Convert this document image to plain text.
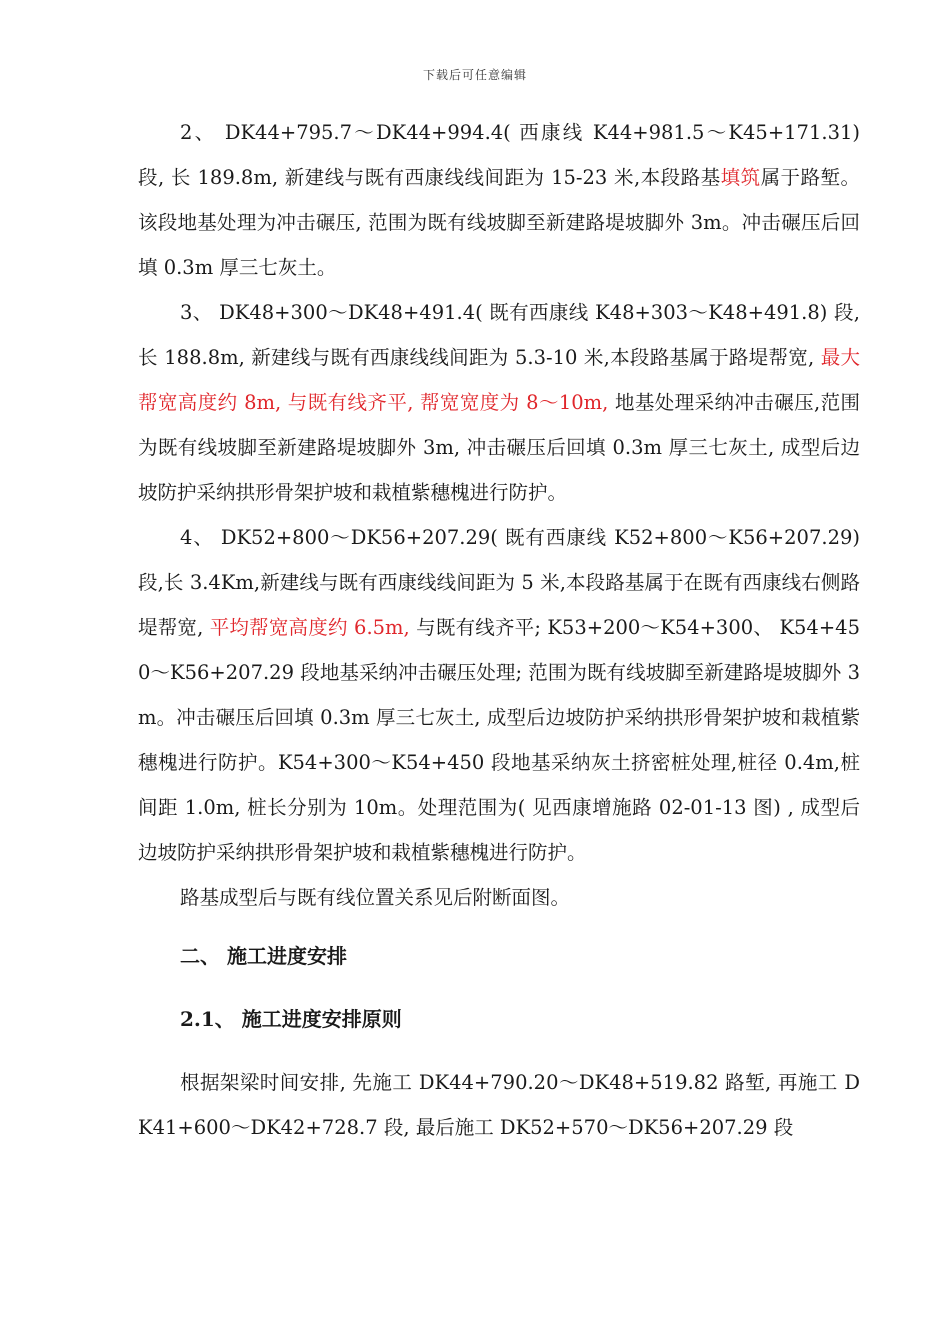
下载后可任意编辑

2、 DK44+795.7～DK44+994.4( 西康线 K44+981.5～K45+171.31) 段, 长 189.8m, 新建线与既有西康线线间距为 15-23 米,本段路基填筑属于路堑。该段地基处理为冲击碾压, 范围为既有线坡脚至新建路堤坡脚外 3m。冲击碾压后回填 0.3m 厚三七灰土。

3、 DK48+300～DK48+491.4( 既有西康线 K48+303～K48+491.8) 段, 长 188.8m, 新建线与既有西康线线间距为 5.3-10 米,本段路基属于路堤帮宽, 最大帮宽高度约 8m, 与既有线齐平, 帮宽宽度为 8～10m, 地基处理采纳冲击碾压,范围为既有线坡脚至新建路堤坡脚外 3m, 冲击碾压后回填 0.3m 厚三七灰土, 成型后边坡防护采纳拱形骨架护坡和栽植紫穗槐进行防护。

4、 DK52+800～DK56+207.29( 既有西康线 K52+800～K56+207.29) 段,长 3.4Km,新建线与既有西康线线间距为 5 米,本段路基属于在既有西康线右侧路堤帮宽, 平均帮宽高度约 6.5m, 与既有线齐平; K53+200～K54+300、 K54+450～K56+207.29 段地基采纳冲击碾压处理; 范围为既有线坡脚至新建路堤坡脚外 3m。冲击碾压后回填 0.3m 厚三七灰土, 成型后边坡防护采纳拱形骨架护坡和栽植紫穗槐进行防护。K54+300～K54+450 段地基采纳灰土挤密桩处理,桩径 0.4m,桩间距 1.0m, 桩长分别为 10m。处理范围为( 见西康增施路 02-01-13 图) , 成型后边坡防护采纳拱形骨架护坡和栽植紫穗槐进行防护。

路基成型后与既有线位置关系见后附断面图。

二、 施工进度安排

2.1、 施工进度安排原则

根据架梁时间安排, 先施工 DK44+790.20～DK48+519.82 路堑, 再施工 DK41+600～DK42+728.7 段, 最后施工 DK52+570～DK56+207.29 段
